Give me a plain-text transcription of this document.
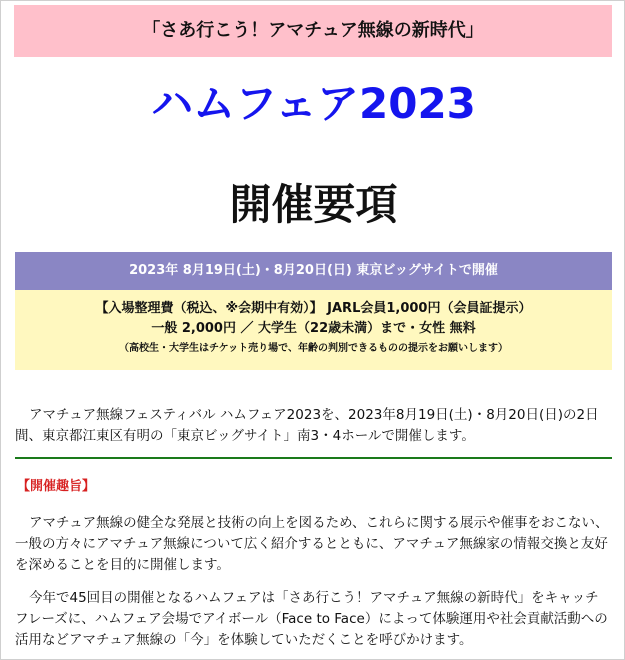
「さあ行こう！アマチュア無線の新時代」
ハムフェア2023
開催要項
2023年 8月19日(土)・8月20日(日) 東京ビッグサイトで開催
【入場整理費（税込、※会期中有効）】 JARL会員1,000円（会員証提示）
一般 2,000円 ／ 大学生（22歳未満）まで・女性 無料
（高校生・大学生はチケット売り場で、年齢の判別できるものの提示をお願いします）

アマチュア無線フェスティバル ハムフェア2023を、2023年8月19日(土)・8月20日(日)の2日間、東京都江東区有明の「東京ビッグサイト」南3・4ホールで開催します。

【開催趣旨】

アマチュア無線の健全な発展と技術の向上を図るため、これらに関する展示や催事をおこない、一般の方々にアマチュア無線について広く紹介するとともに、アマチュア無線家の情報交換と友好を深めることを目的に開催します。

今年で45回目の開催となるハムフェアは「さあ行こう！アマチュア無線の新時代」をキャッチフレーズに、ハムフェア会場でアイボール（Face to Face）によって体験運用や社会貢献活動への活用などアマチュア無線の「今」を体験していただくことを呼びかけます。
